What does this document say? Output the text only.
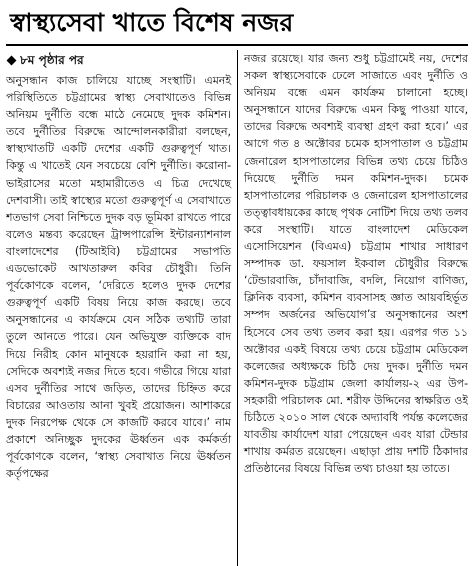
স্বাস্থ্যসেবা খাতে বিশেষ নজর
৮ম পৃষ্ঠার পর

অনুসন্ধান কাজ চালিয়ে যাচ্ছে সংস্থাটি। এমনই পরিস্থিতিতে চট্টগ্রামের স্বাস্থ্য সেবাখাতেও বিভিন্ন অনিয়ম দুর্নীতি বন্ধে মাঠে নেমেছে দুদক কমিশন। তবে দুর্নীতির বিরুদ্ধে আন্দোলনকারীরা বলছেন, স্বাস্থ্যখাতটি একটি দেশের একটি গুরুত্বপূর্ণ খাত। কিন্তু এ খাতেই যেন সবচেয়ে বেশি দুর্নীতি। করোনা-ভাইরাসের মতো মহামারীতেও এ চিত্র দেখেছে দেশবাসী। তাই স্বাস্থ্যের মতো গুরুত্বপূর্ণ এ সেবাখাতে শতভাগ সেবা নিশ্চিতে দুদক বড় ভূমিকা রাখতে পারে বলেও মন্তব্য করেছেন ট্রান্সপারেন্সি ইন্টারন্যাশনাল বাংলাদেশের (টিআইবি) চট্টগ্রামের সভাপতি এডভোকেট আখতারুল কবির চৌধুরী। তিনি পূর্বকোণকে বলেন, ‘দেরিতে হলেও দুদক দেশের গুরুত্বপূর্ণ একটি বিষয় নিয়ে কাজ করছে। তবে অনুসন্ধানের এ কার্যক্রমে যেন সঠিক তথ্যটি তারা তুলে আনতে পারে। যেন অভিযুক্ত ব্যক্তিকে বাদ দিয়ে নিরীহ কোন মানুষকে হয়রানি করা না হয়, সেদিকে অবশ্যই নজর দিতে হবে। গভীরে গিয়ে যারা এসব দুর্নীতির সাথে জড়িত, তাদের চিহ্নিত করে বিচারের আওতায় আনা খুবই প্রয়োজন। আশাকরে দুদক নিরপেক্ষ থেকে সে কাজটি করবে যাবে।’ নাম প্রকাশে অনিচ্ছুক দুদকের ঊর্ধ্বতন এক কর্মকর্তা পূর্বকোণকে বলেন, ‘স্বাস্থ্য সেবাখাত নিয়ে ঊর্ধ্বতন কর্তৃপক্ষের

নজর রয়েছে। যার জন্য শুধু চট্টগ্রামেই নয়, দেশের সকল স্বাস্থ্যসেবাকে ঢেলে সাজাতে এবং দুর্নীতি ও অনিয়ম বন্ধে এমন কার্যক্রম চালানো হচ্ছে। অনুসন্ধানে যাদের বিরুদ্ধে এমন কিছু পাওয়া যাবে, তাদের বিরুদ্ধে অবশ্যই ব্যবস্থা গ্রহণ করা হবে।’ এর আগে গত ৪ অক্টোবর চমেক হাসপাতাল ও চট্টগ্রাম জেনারেল হাসপাতালের বিভিন্ন তথ্য চেয়ে চিঠিও দিয়েছে দুর্নীতি দমন কমিশন-দুদক। চমেক হাসপাতালের পরিচালক ও জেনারেল হাসপাতালের তত্ত্বাবধায়কের কাছে পৃথক নোটিশ দিয়ে তথ্য তলব করে সংস্থাটি। যাতে বাংলাদেশ মেডিকেল এসোসিয়েশন (বিএমএ) চট্টগ্রাম শাখার সাধারণ সম্পাদক ডা. ফয়সাল ইকবাল চৌধুরীর বিরুদ্ধে ‘টেন্ডারবাজি, চাঁদাবাজি, বদলি, নিয়োগ বাণিজ্য, ক্লিনিক ব্যবসা, কমিশন ব্যবসাসহ জ্ঞাত আয়বহির্ভূত সম্পদ অর্জনের অভিযোগ’র অনুসন্ধানের অংশ হিসেবে সেব তথ্য তলব করা হয়। এরপর গত ১১ অক্টোবর একই বিষয়ে তথ্য চেয়ে চট্টগ্রাম মেডিকেল কলেজের অধ্যক্ষকে চিঠি দেয় দুদক। দুর্নীতি দমন কমিশন-দুদক চট্টগ্রাম জেলা কার্যালয়-২ এর উপ-সহকারী পরিচালক মো. শরীফ উদ্দিনের স্বাক্ষরিত ওই চিঠিতে ২০১০ সাল থেকে অদ্যাবধি পর্যন্ত কলেজের যাবতীয় কার্যাদেশ যারা পেয়েছেন এবং যারা টেন্ডার শাখায় কর্মরত রয়েছেন। এছাড়া প্রায় দশটি ঠিকাদার প্রতিষ্ঠানের বিষয়ে বিভিন্ন তথ্য চাওয়া হয় তাতে।
